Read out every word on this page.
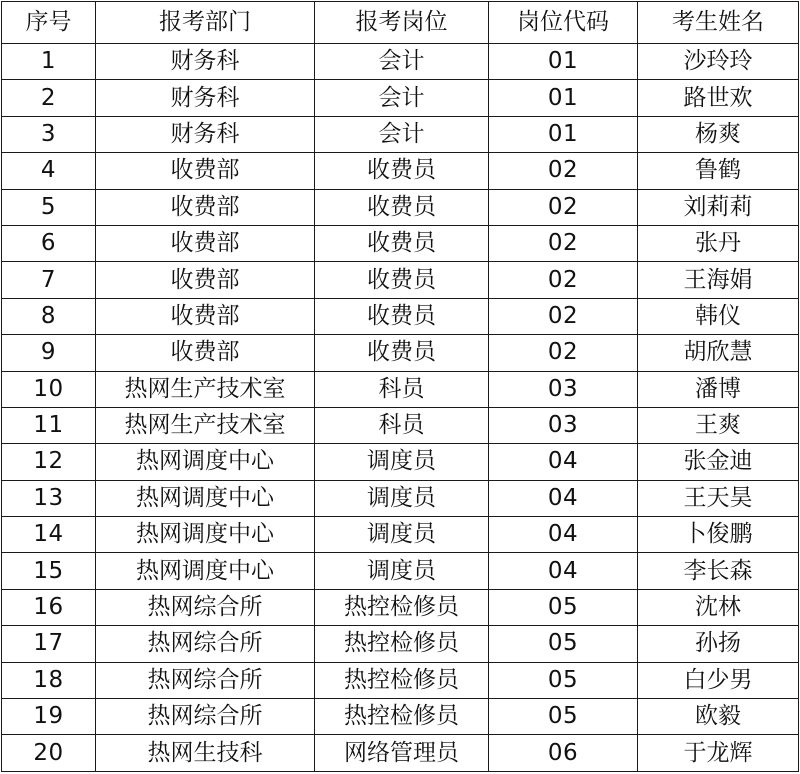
序号	报考部门	报考岗位	岗位代码	考生姓名
1	财务科	会计	01	沙玲玲
2	财务科	会计	01	路世欢
3	财务科	会计	01	杨爽
4	收费部	收费员	02	鲁鹤
5	收费部	收费员	02	刘莉莉
6	收费部	收费员	02	张丹
7	收费部	收费员	02	王海娟
8	收费部	收费员	02	韩仪
9	收费部	收费员	02	胡欣慧
10	热网生产技术室	科员	03	潘博
11	热网生产技术室	科员	03	王爽
12	热网调度中心	调度员	04	张金迪
13	热网调度中心	调度员	04	王天昊
14	热网调度中心	调度员	04	卜俊鹏
15	热网调度中心	调度员	04	李长森
16	热网综合所	热控检修员	05	沈林
17	热网综合所	热控检修员	05	孙扬
18	热网综合所	热控检修员	05	白少男
19	热网综合所	热控检修员	05	欧毅
20	热网生技科	网络管理员	06	于龙辉
